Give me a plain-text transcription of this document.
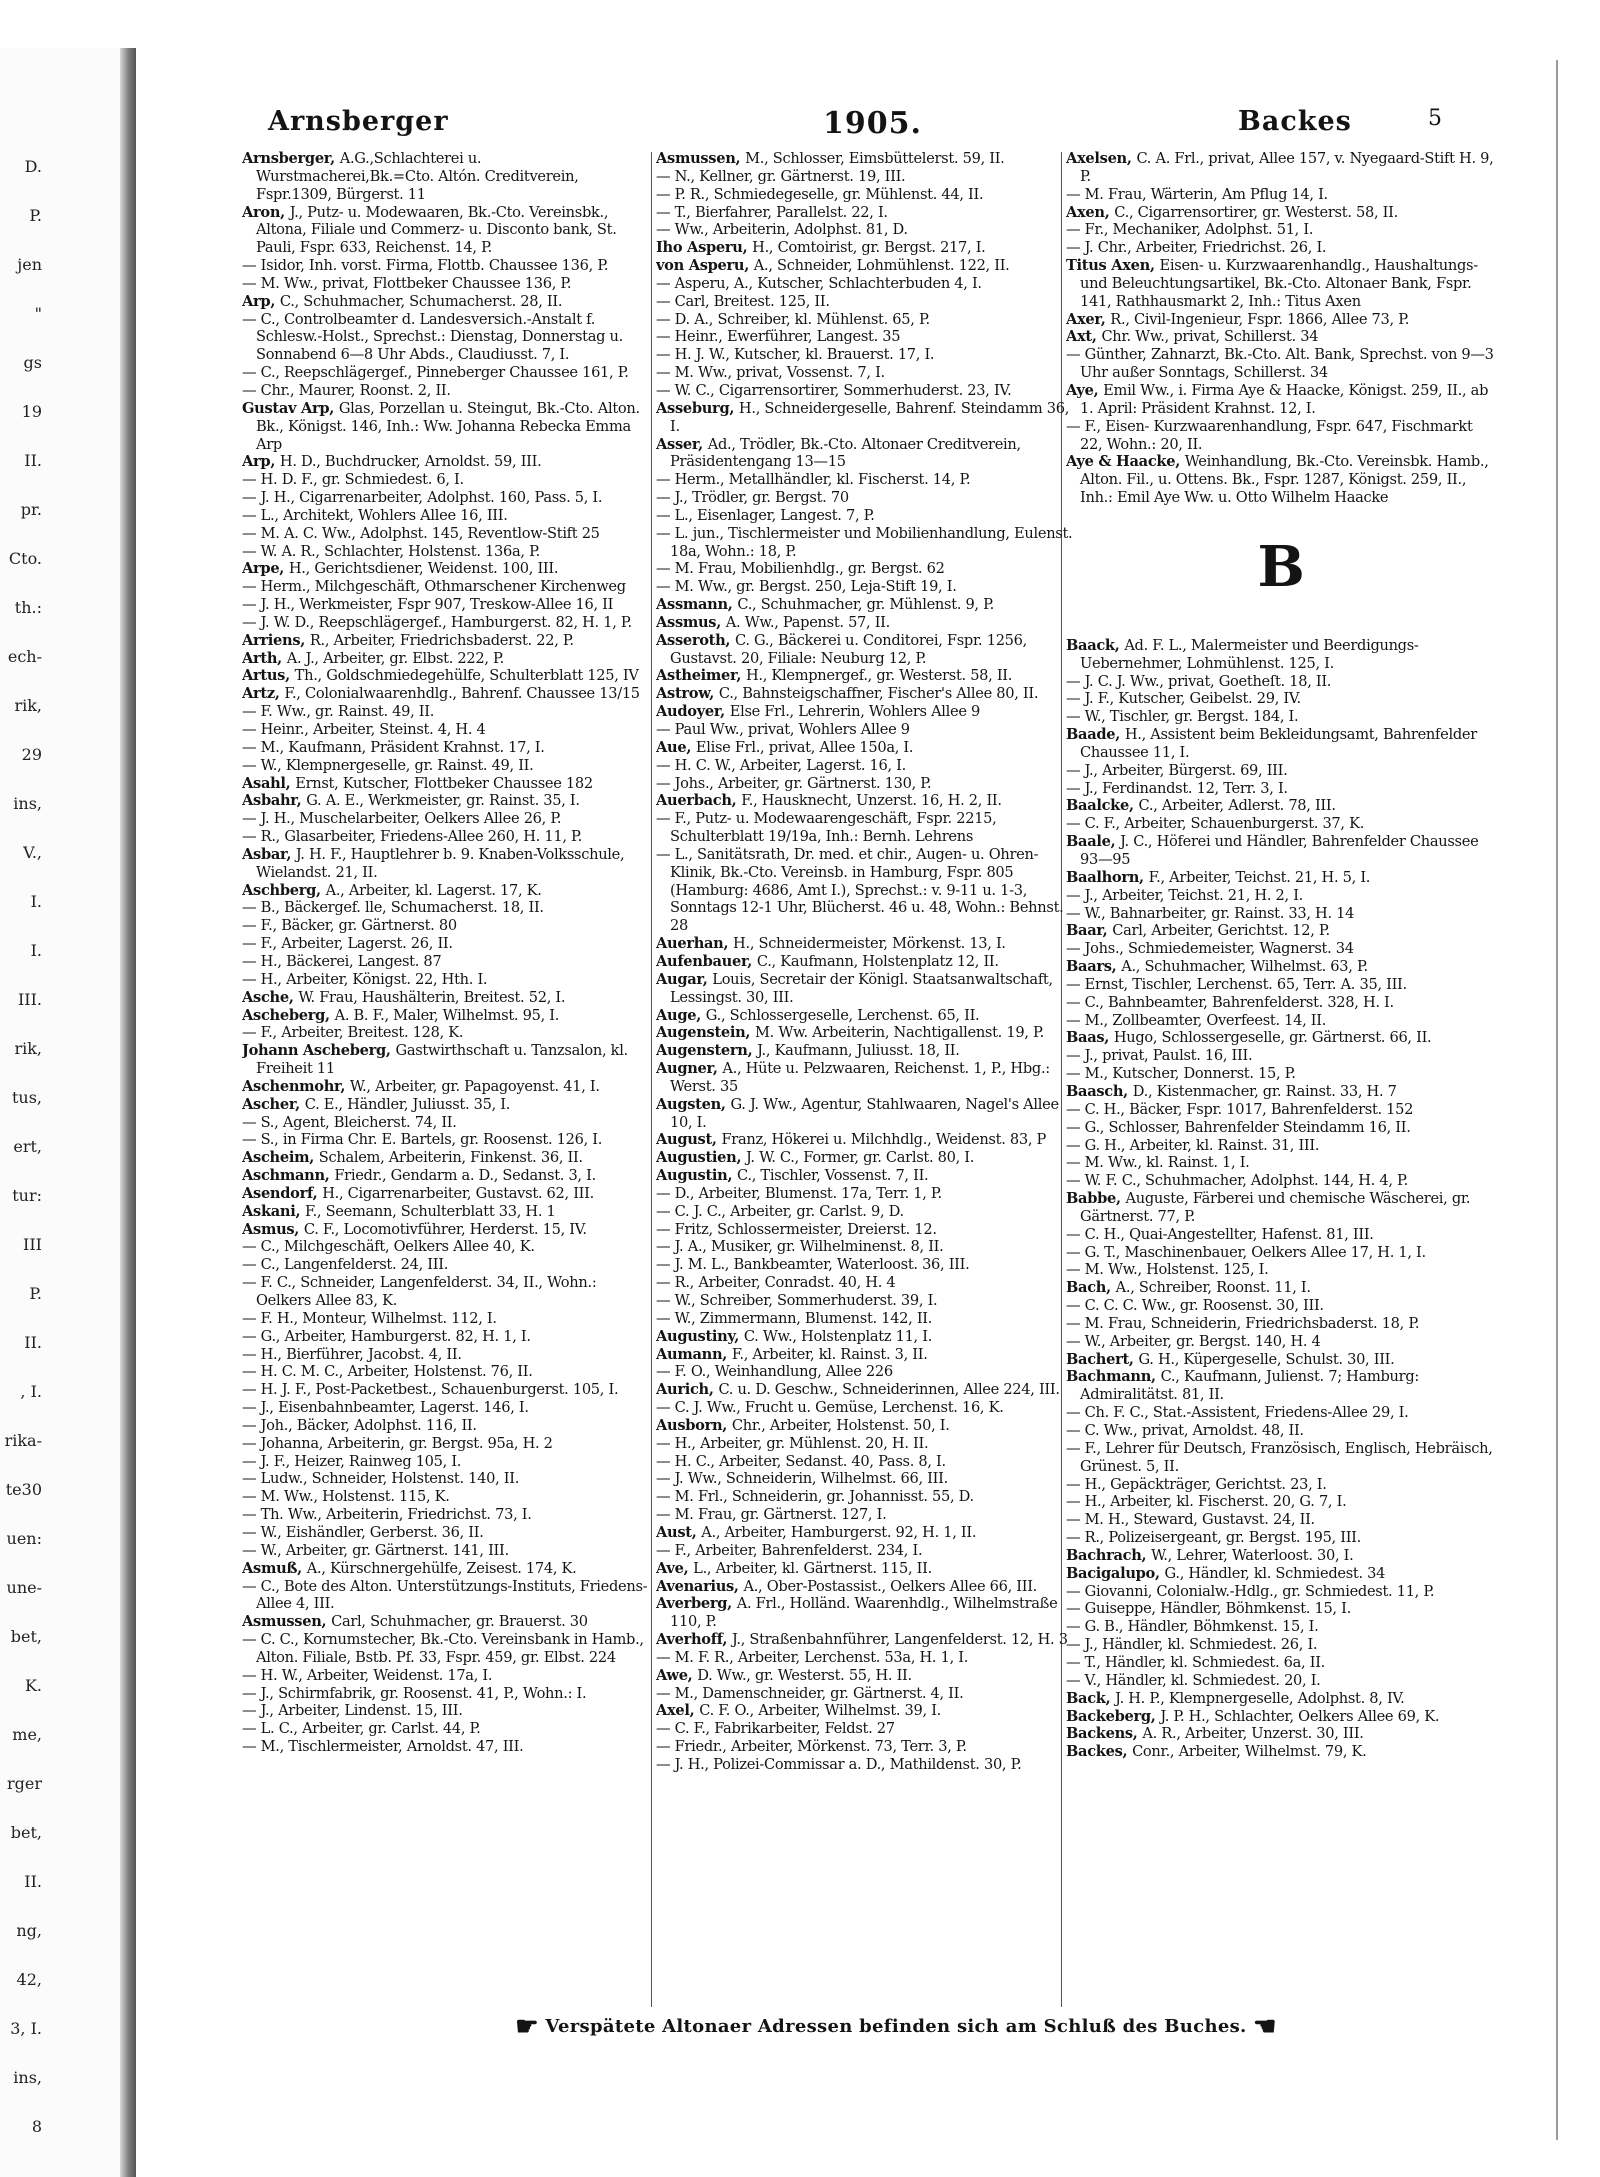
D.
P.
jen
"
gs
19
II.
pr.
Cto.
th.:
ech-
rik,
29
ins,
V.,
I.
I.
III.
rik,
tus,
ert,
tur:
III
P.
II.
, I.
rika-
te30
uen:
une-
bet,
K.
me,
rger
bet,
II.
ng,
42,
3, I.
ins,
8
Arnsberger	1905.	Backes	5

Arnsberger, A.G.,Schlachterei u. Wurstmacherei,Bk.=Cto. Altón. Creditverein, Fspr.1309, Bürgerst. 11

Aron, J., Putz- u. Modewaaren, Bk.-Cto. Vereinsbk., Altona, Filiale und Commerz- u. Disconto bank, St. Pauli, Fspr. 633, Reichenst. 14, P.

— Isidor, Inh. vorst. Firma, Flottb. Chaussee 136, P.

— M. Ww., privat, Flottbeker Chaussee 136, P.

Arp, C., Schuhmacher, Schumacherst. 28, II.

— C., Controlbeamter d. Landesversich.-Anstalt f. Schlesw.-Holst., Sprechst.: Dienstag, Donnerstag u. Sonnabend 6—8 Uhr Abds., Claudiusst. 7, I.

— C., Reepschlägergef., Pinneberger Chaussee 161, P.

— Chr., Maurer, Roonst. 2, II.

Gustav Arp, Glas, Porzellan u. Steingut, Bk.-Cto. Alton. Bk., Königst. 146, Inh.: Ww. Johanna Rebecka Emma Arp

Arp, H. D., Buchdrucker, Arnoldst. 59, III.

— H. D. F., gr. Schmiedest. 6, I.

— J. H., Cigarrenarbeiter, Adolphst. 160, Pass. 5, I.

— L., Architekt, Wohlers Allee 16, III.

— M. A. C. Ww., Adolphst. 145, Reventlow-Stift 25

— W. A. R., Schlachter, Holstenst. 136a, P.

Arpe, H., Gerichtsdiener, Weidenst. 100, III.

— Herm., Milchgeschäft, Othmarschener Kirchenweg

— J. H., Werkmeister, Fspr 907, Treskow-Allee 16, II

— J. W. D., Reepschlägergef., Hamburgerst. 82, H. 1, P.

Arriens, R., Arbeiter, Friedrichsbaderst. 22, P.

Arth, A. J., Arbeiter, gr. Elbst. 222, P.

Artus, Th., Goldschmiedegehülfe, Schulterblatt 125, IV

Artz, F., Colonialwaarenhdlg., Bahrenf. Chaussee 13/15

— F. Ww., gr. Rainst. 49, II.

— Heinr., Arbeiter, Steinst. 4, H. 4

— M., Kaufmann, Präsident Krahnst. 17, I.

— W., Klempnergeselle, gr. Rainst. 49, II.

Asahl, Ernst, Kutscher, Flottbeker Chaussee 182

Asbahr, G. A. E., Werkmeister, gr. Rainst. 35, I.

— J. H., Muschelarbeiter, Oelkers Allee 26, P.

— R., Glasarbeiter, Friedens-Allee 260, H. 11, P.

Asbar, J. H. F., Hauptlehrer b. 9. Knaben-Volksschule, Wielandst. 21, II.

Aschberg, A., Arbeiter, kl. Lagerst. 17, K.

— B., Bäckergef. lle, Schumacherst. 18, II.

— F., Bäcker, gr. Gärtnerst. 80

— F., Arbeiter, Lagerst. 26, II.

— H., Bäckerei, Langest. 87

— H., Arbeiter, Königst. 22, Hth. I.

Asche, W. Frau, Haushälterin, Breitest. 52, I.

Ascheberg, A. B. F., Maler, Wilhelmst. 95, I.

— F., Arbeiter, Breitest. 128, K.

Johann Ascheberg, Gastwirthschaft u. Tanzsalon, kl. Freiheit 11

Aschenmohr, W., Arbeiter, gr. Papagoyenst. 41, I.

Ascher, C. E., Händler, Juliusst. 35, I.

— S., Agent, Bleicherst. 74, II.

— S., in Firma Chr. E. Bartels, gr. Roosenst. 126, I.

Ascheim, Schalem, Arbeiterin, Finkenst. 36, II.

Aschmann, Friedr., Gendarm a. D., Sedanst. 3, I.

Asendorf, H., Cigarrenarbeiter, Gustavst. 62, III.

Askani, F., Seemann, Schulterblatt 33, H. 1

Asmus, C. F., Locomotivführer, Herderst. 15, IV.

— C., Milchgeschäft, Oelkers Allee 40, K.

— C., Langenfelderst. 24, III.

— F. C., Schneider, Langenfelderst. 34, II., Wohn.: Oelkers Allee 83, K.

— F. H., Monteur, Wilhelmst. 112, I.

— G., Arbeiter, Hamburgerst. 82, H. 1, I.

— H., Bierführer, Jacobst. 4, II.

— H. C. M. C., Arbeiter, Holstenst. 76, II.

— H. J. F., Post-Packetbest., Schauenburgerst. 105, I.

— J., Eisenbahnbeamter, Lagerst. 146, I.

— Joh., Bäcker, Adolphst. 116, II.

— Johanna, Arbeiterin, gr. Bergst. 95a, H. 2

— J. F., Heizer, Rainweg 105, I.

— Ludw., Schneider, Holstenst. 140, II.

— M. Ww., Holstenst. 115, K.

— Th. Ww., Arbeiterin, Friedrichst. 73, I.

— W., Eishändler, Gerberst. 36, II.

— W., Arbeiter, gr. Gärtnerst. 141, III.

Asmuß, A., Kürschnergehülfe, Zeisest. 174, K.

— C., Bote des Alton. Unterstützungs-Instituts, Friedens-Allee 4, III.

Asmussen, Carl, Schuhmacher, gr. Brauerst. 30

— C. C., Kornumstecher, Bk.-Cto. Vereinsbank in Hamb., Alton. Filiale, Bstb. Pf. 33, Fspr. 459, gr. Elbst. 224

— H. W., Arbeiter, Weidenst. 17a, I.

— J., Schirmfabrik, gr. Roosenst. 41, P., Wohn.: I.

— J., Arbeiter, Lindenst. 15, III.

— L. C., Arbeiter, gr. Carlst. 44, P.

— M., Tischlermeister, Arnoldst. 47, III.

Asmussen, M., Schlosser, Eimsbüttelerst. 59, II.

— N., Kellner, gr. Gärtnerst. 19, III.

— P. R., Schmiedegeselle, gr. Mühlenst. 44, II.

— T., Bierfahrer, Parallelst. 22, I.

— Ww., Arbeiterin, Adolphst. 81, D.

Iho Asperu, H., Comtoirist, gr. Bergst. 217, I.

von Asperu, A., Schneider, Lohmühlenst. 122, II.

— Asperu, A., Kutscher, Schlachterbuden 4, I.

— Carl, Breitest. 125, II.

— D. A., Schreiber, kl. Mühlenst. 65, P.

— Heinr., Ewerführer, Langest. 35

— H. J. W., Kutscher, kl. Brauerst. 17, I.

— M. Ww., privat, Vossenst. 7, I.

— W. C., Cigarrensortirer, Sommerhuderst. 23, IV.

Asseburg, H., Schneidergeselle, Bahrenf. Steindamm 36, I.

Asser, Ad., Trödler, Bk.-Cto. Altonaer Creditverein, Präsidentengang 13—15

— Herm., Metallhändler, kl. Fischerst. 14, P.

— J., Trödler, gr. Bergst. 70

— L., Eisenlager, Langest. 7, P.

— L. jun., Tischlermeister und Mobilienhandlung, Eulenst. 18a, Wohn.: 18, P.

— M. Frau, Mobilienhdlg., gr. Bergst. 62

— M. Ww., gr. Bergst. 250, Leja-Stift 19, I.

Assmann, C., Schuhmacher, gr. Mühlenst. 9, P.

Assmus, A. Ww., Papenst. 57, II.

Asseroth, C. G., Bäckerei u. Conditorei, Fspr. 1256, Gustavst. 20, Filiale: Neuburg 12, P.

Astheimer, H., Klempnergef., gr. Westerst. 58, II.

Astrow, C., Bahnsteigschaffner, Fischer's Allee 80, II.

Audoyer, Else Frl., Lehrerin, Wohlers Allee 9

— Paul Ww., privat, Wohlers Allee 9

Aue, Elise Frl., privat, Allee 150a, I.

— H. C. W., Arbeiter, Lagerst. 16, I.

— Johs., Arbeiter, gr. Gärtnerst. 130, P.

Auerbach, F., Hausknecht, Unzerst. 16, H. 2, II.

— F., Putz- u. Modewaarengeschäft, Fspr. 2215, Schulterblatt 19/19a, Inh.: Bernh. Lehrens

— L., Sanitätsrath, Dr. med. et chir., Augen- u. Ohren-Klinik, Bk.-Cto. Vereinsb. in Hamburg, Fspr. 805 (Hamburg: 4686, Amt I.), Sprechst.: v. 9-11 u. 1-3, Sonntags 12-1 Uhr, Blücherst. 46 u. 48, Wohn.: Behnst. 28

Auerhan, H., Schneidermeister, Mörkenst. 13, I.

Aufenbauer, C., Kaufmann, Holstenplatz 12, II.

Augar, Louis, Secretair der Königl. Staatsanwaltschaft, Lessingst. 30, III.

Auge, G., Schlossergeselle, Lerchenst. 65, II.

Augenstein, M. Ww. Arbeiterin, Nachtigallenst. 19, P.

Augenstern, J., Kaufmann, Juliusst. 18, II.

Augner, A., Hüte u. Pelzwaaren, Reichenst. 1, P., Hbg.: Werst. 35

Augsten, G. J. Ww., Agentur, Stahlwaaren, Nagel's Allee 10, I.

August, Franz, Hökerei u. Milchhdlg., Weidenst. 83, P

Augustien, J. W. C., Former, gr. Carlst. 80, I.

Augustin, C., Tischler, Vossenst. 7, II.

— D., Arbeiter, Blumenst. 17a, Terr. 1, P.

— C. J. C., Arbeiter, gr. Carlst. 9, D.

— Fritz, Schlossermeister, Dreierst. 12.

— J. A., Musiker, gr. Wilhelminenst. 8, II.

— J. M. L., Bankbeamter, Waterloost. 36, III.

— R., Arbeiter, Conradst. 40, H. 4

— W., Schreiber, Sommerhuderst. 39, I.

— W., Zimmermann, Blumenst. 142, II.

Augustiny, C. Ww., Holstenplatz 11, I.

Aumann, F., Arbeiter, kl. Rainst. 3, II.

— F. O., Weinhandlung, Allee 226

Aurich, C. u. D. Geschw., Schneiderinnen, Allee 224, III.

— C. J. Ww., Frucht u. Gemüse, Lerchenst. 16, K.

Ausborn, Chr., Arbeiter, Holstenst. 50, I.

— H., Arbeiter, gr. Mühlenst. 20, H. II.

— H. C., Arbeiter, Sedanst. 40, Pass. 8, I.

— J. Ww., Schneiderin, Wilhelmst. 66, III.

— M. Frl., Schneiderin, gr. Johannisst. 55, D.

— M. Frau, gr. Gärtnerst. 127, I.

Aust, A., Arbeiter, Hamburgerst. 92, H. 1, II.

— F., Arbeiter, Bahrenfelderst. 234, I.

Ave, L., Arbeiter, kl. Gärtnerst. 115, II.

Avenarius, A., Ober-Postassist., Oelkers Allee 66, III.

Averberg, A. Frl., Holländ. Waarenhdlg., Wilhelmstraße 110, P.

Averhoff, J., Straßenbahnführer, Langenfelderst. 12, H. 3

— M. F. R., Arbeiter, Lerchenst. 53a, H. 1, I.

Awe, D. Ww., gr. Westerst. 55, H. II.

— M., Damenschneider, gr. Gärtnerst. 4, II.

Axel, C. F. O., Arbeiter, Wilhelmst. 39, I.

— C. F., Fabrikarbeiter, Feldst. 27

— Friedr., Arbeiter, Mörkenst. 73, Terr. 3, P.

— J. H., Polizei-Commissar a. D., Mathildenst. 30, P.

Axelsen, C. A. Frl., privat, Allee 157, v. Nyegaard-Stift H. 9, P.

— M. Frau, Wärterin, Am Pflug 14, I.

Axen, C., Cigarrensortirer, gr. Westerst. 58, II.

— Fr., Mechaniker, Adolphst. 51, I.

— J. Chr., Arbeiter, Friedrichst. 26, I.

Titus Axen, Eisen- u. Kurzwaarenhandlg., Haushaltungs- und Beleuchtungsartikel, Bk.-Cto. Altonaer Bank, Fspr. 141, Rathhausmarkt 2, Inh.: Titus Axen

Axer, R., Civil-Ingenieur, Fspr. 1866, Allee 73, P.

Axt, Chr. Ww., privat, Schillerst. 34

— Günther, Zahnarzt, Bk.-Cto. Alt. Bank, Sprechst. von 9—3 Uhr außer Sonntags, Schillerst. 34

Aye, Emil Ww., i. Firma Aye & Haacke, Königst. 259, II., ab 1. April: Präsident Krahnst. 12, I.

— F., Eisen- Kurzwaarenhandlung, Fspr. 647, Fischmarkt 22, Wohn.: 20, II.

Aye & Haacke, Weinhandlung, Bk.-Cto. Vereinsbk. Hamb., Alton. Fil., u. Ottens. Bk., Fspr. 1287, Königst. 259, II., Inh.: Emil Aye Ww. u. Otto Wilhelm Haacke

B

Baack, Ad. F. L., Malermeister und Beerdigungs-Uebernehmer, Lohmühlenst. 125, I.

— J. C. J. Ww., privat, Goetheſt. 18, II.

— J. F., Kutscher, Geibelst. 29, IV.

— W., Tischler, gr. Bergst. 184, I.

Baade, H., Assistent beim Bekleidungsamt, Bahrenfelder Chaussee 11, I.

— J., Arbeiter, Bürgerst. 69, III.

— J., Ferdinandst. 12, Terr. 3, I.

Baalcke, C., Arbeiter, Adlerst. 78, III.

— C. F., Arbeiter, Schauenburgerst. 37, K.

Baale, J. C., Höferei und Händler, Bahrenfelder Chaussee 93—95

Baalhorn, F., Arbeiter, Teichst. 21, H. 5, I.

— J., Arbeiter, Teichst. 21, H. 2, I.

— W., Bahnarbeiter, gr. Rainst. 33, H. 14

Baar, Carl, Arbeiter, Gerichtst. 12, P.

— Johs., Schmiedemeister, Wagnerst. 34

Baars, A., Schuhmacher, Wilhelmst. 63, P.

— Ernst, Tischler, Lerchenst. 65, Terr. A. 35, III.

— C., Bahnbeamter, Bahrenfelderst. 328, H. I.

— M., Zollbeamter, Overfeest. 14, II.

Baas, Hugo, Schlossergeselle, gr. Gärtnerst. 66, II.

— J., privat, Paulst. 16, III.

— M., Kutscher, Donnerst. 15, P.

Baasch, D., Kistenmacher, gr. Rainst. 33, H. 7

— C. H., Bäcker, Fspr. 1017, Bahrenfelderst. 152

— G., Schlosser, Bahrenfelder Steindamm 16, II.

— G. H., Arbeiter, kl. Rainst. 31, III.

— M. Ww., kl. Rainst. 1, I.

— W. F. C., Schuhmacher, Adolphst. 144, H. 4, P.

Babbe, Auguste, Färberei und chemische Wäscherei, gr. Gärtnerst. 77, P.

— C. H., Quai-Angestellter, Hafenst. 81, III.

— G. T., Maschinenbauer, Oelkers Allee 17, H. 1, I.

— M. Ww., Holstenst. 125, I.

Bach, A., Schreiber, Roonst. 11, I.

— C. C. C. Ww., gr. Roosenst. 30, III.

— M. Frau, Schneiderin, Friedrichsbaderst. 18, P.

— W., Arbeiter, gr. Bergst. 140, H. 4

Bachert, G. H., Küpergeselle, Schulst. 30, III.

Bachmann, C., Kaufmann, Julienst. 7; Hamburg: Admiralitätst. 81, II.

— Ch. F. C., Stat.-Assistent, Friedens-Allee 29, I.

— C. Ww., privat, Arnoldst. 48, II.

— F., Lehrer für Deutsch, Französisch, Englisch, Hebräisch, Grünest. 5, II.

— H., Gepäckträger, Gerichtst. 23, I.

— H., Arbeiter, kl. Fischerst. 20, G. 7, I.

— M. H., Steward, Gustavst. 24, II.

— R., Polizeisergeant, gr. Bergst. 195, III.

Bachrach, W., Lehrer, Waterloost. 30, I.

Bacigalupo, G., Händler, kl. Schmiedest. 34

— Giovanni, Colonialw.-Hdlg., gr. Schmiedest. 11, P.

— Guiseppe, Händler, Böhmkenst. 15, I.

— G. B., Händler, Böhmkenst. 15, I.

— J., Händler, kl. Schmiedest. 26, I.

— T., Händler, kl. Schmiedest. 6a, II.

— V., Händler, kl. Schmiedest. 20, I.

Back, J. H. P., Klempnergeselle, Adolphst. 8, IV.

Backeberg, J. P. H., Schlachter, Oelkers Allee 69, K.

Backens, A. R., Arbeiter, Unzerst. 30, III.

Backes, Conr., Arbeiter, Wilhelmst. 79, K.

☛ Verspätete Altonaer Adressen befinden sich am Schluß des Buches. ☚
